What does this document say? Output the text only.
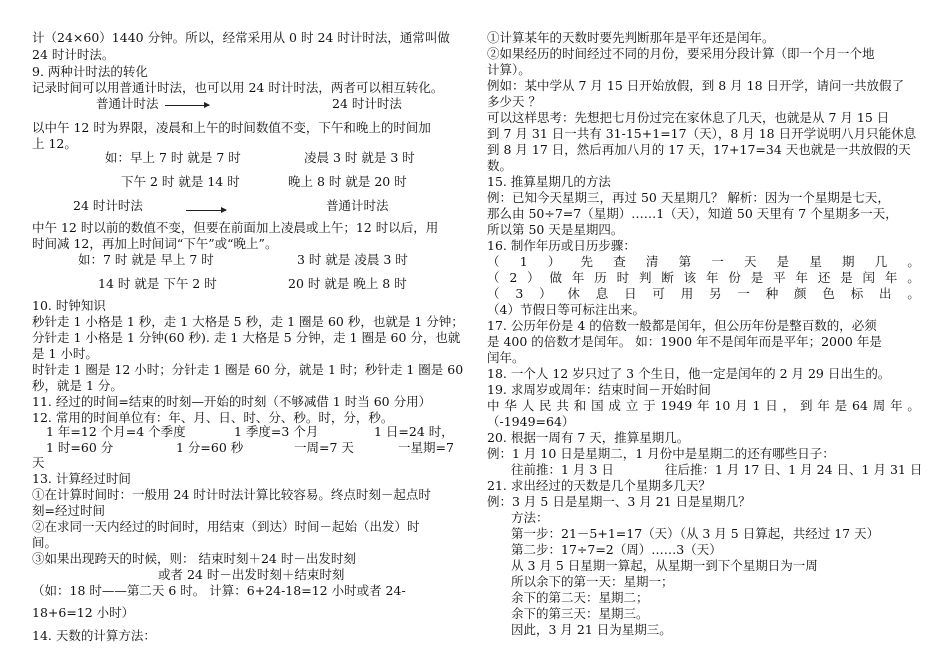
计（24×60）1440 分钟。所以，经常采用从 0 时 24 时计时法，通常叫做
24 时计时法。
9. 两种计时法的转化
记录时间可以用普通计时法，也可以用 24 时计时法，两者可以相互转化。
普通计时法	24 时计时法
以中午 12 时为界限，凌晨和上午的时间数值不变，下午和晚上的时间加
上 12。
如：早上 7 时 就是 7 时	凌晨 3 时 就是 3 时
下午 2 时 就是 14 时	晚上 8 时 就是 20 时
24 时计时法	普通计时法
中午 12 时以前的数值不变，但要在前面加上凌晨或上午；12 时以后，用
时间减 12，再加上时间词“下午”或“晚上”。
如：7 时 就是 早上 7 时	3 时 就是 凌晨 3 时
14 时 就是 下午 2 时	20 时 就是 晚上 8 时
10. 时钟知识
秒针走 1 小格是 1 秒，走 1 大格是 5 秒，走 1 圈是 60 秒，也就是 1 分钟；
分针走 1 小格是 1 分钟(60 秒). 走 1 大格是 5 分钟，走 1 圈是 60 分，也就
是 1 小时。
时针走 1 圈是 12 小时；分针走 1 圈是 60 分，就是 1 时；秒针走 1 圈是 60
秒，就是 1 分。
11. 经过的时间=结束的时刻—开始的时刻（不够减借 1 时当 60 分用）
12. 常用的时间单位有：年、月、日、时、分、秒。时，分，秒。
1 年=12 个月=4 个季度	1 季度=3 个月	1 日=24 时，
1 时=60 分	1 分=60 秒	一周=7 天	一星期=7
天
13. 计算经过时间
①在计算时间时：一般用 24 时计时法计算比较容易。终点时刻－起点时
刻=经过时间
②在求同一天内经过的时间时，用结束（到达）时间－起始（出发）时
间。
③如果出现跨天的时候，则： 结束时刻＋24 时－出发时刻
或者 24 时－出发时刻＋结束时刻
（如：18 时——第二天 6 时。 计算：6+24-18=12 小时或者 24-
18+6=12 小时）
14. 天数的计算方法：
①计算某年的天数时要先判断那年是平年还是闰年。
②如果经历的时间经过不同的月份，要采用分段计算（即一个月一个地
计算）。
例如：某中学从 7 月 15 日开始放假，到 8 月 18 日开学，请问一共放假了
多少天 ？
可以这样思考：先想把七月份过完在家休息了几天，也就是从 7 月 15 日
到 7 月 31 日一共有 31-15+1=17（天），8 月 18 日开学说明八月只能休息
到 8 月 17 日，然后再加八月的 17 天，17+17=34 天也就是一共放假的天
数。
15. 推算星期几的方法
例：已知今天星期三，再过 50 天星期几？ 解析：因为一个星期是七天，
那么由 50÷7=7（星期）……1（天），知道 50 天里有 7 个星期多一天，
所以第 50 天是星期四。
16. 制作年历或日历步骤：
（ 1 ） 先 查 清 第 一 天 是 星 期 几 。
（ 2 ） 做 年 历 时 判 断 该 年 份 是 平 年 还 是 闰 年 。
（ 3 ） 休 息 日 可 用 另 一 种 颜 色 标 出 。
（4）节假日等可标注出来。
17. 公历年份是 4 的倍数一般都是闰年，但公历年份是整百数的，必须
是 400 的倍数才是闰年。 如：1900 年不是闰年而是平年；2000 年是
闰年。
18. 一个人 12 岁只过了 3 个生日，他一定是闰年的 2 月 29 日出生的。
19. 求周岁或周年：结束时间－开始时间
中 华 人 民 共 和 国 成 立 于 1949 年 10 月 1 日 ， 到 年 是 64 周 年 。
（-1949=64）
20. 根据一周有 7 天，推算星期几。
例：1 月 10 日是星期二，1 月份中是星期二的还有哪些日子：
往前推：1 月 3 日	往后推：1 月 17 日、1 月 24 日、1 月 31 日
21. 求出经过的天数是几个星期多几天？
例：3 月 5 日是星期一、3 月 21 日是星期几？
方法：
第一步：21－5+1=17（天）（从 3 月 5 日算起，共经过 17 天）
第二步：17÷7=2（周）……3（天）
从 3 月 5 日星期一算起，从星期一到下个星期日为一周
所以余下的第一天：星期一；
余下的第二天：星期二；
余下的第三天：星期三。
因此，3 月 21 日为星期三。
